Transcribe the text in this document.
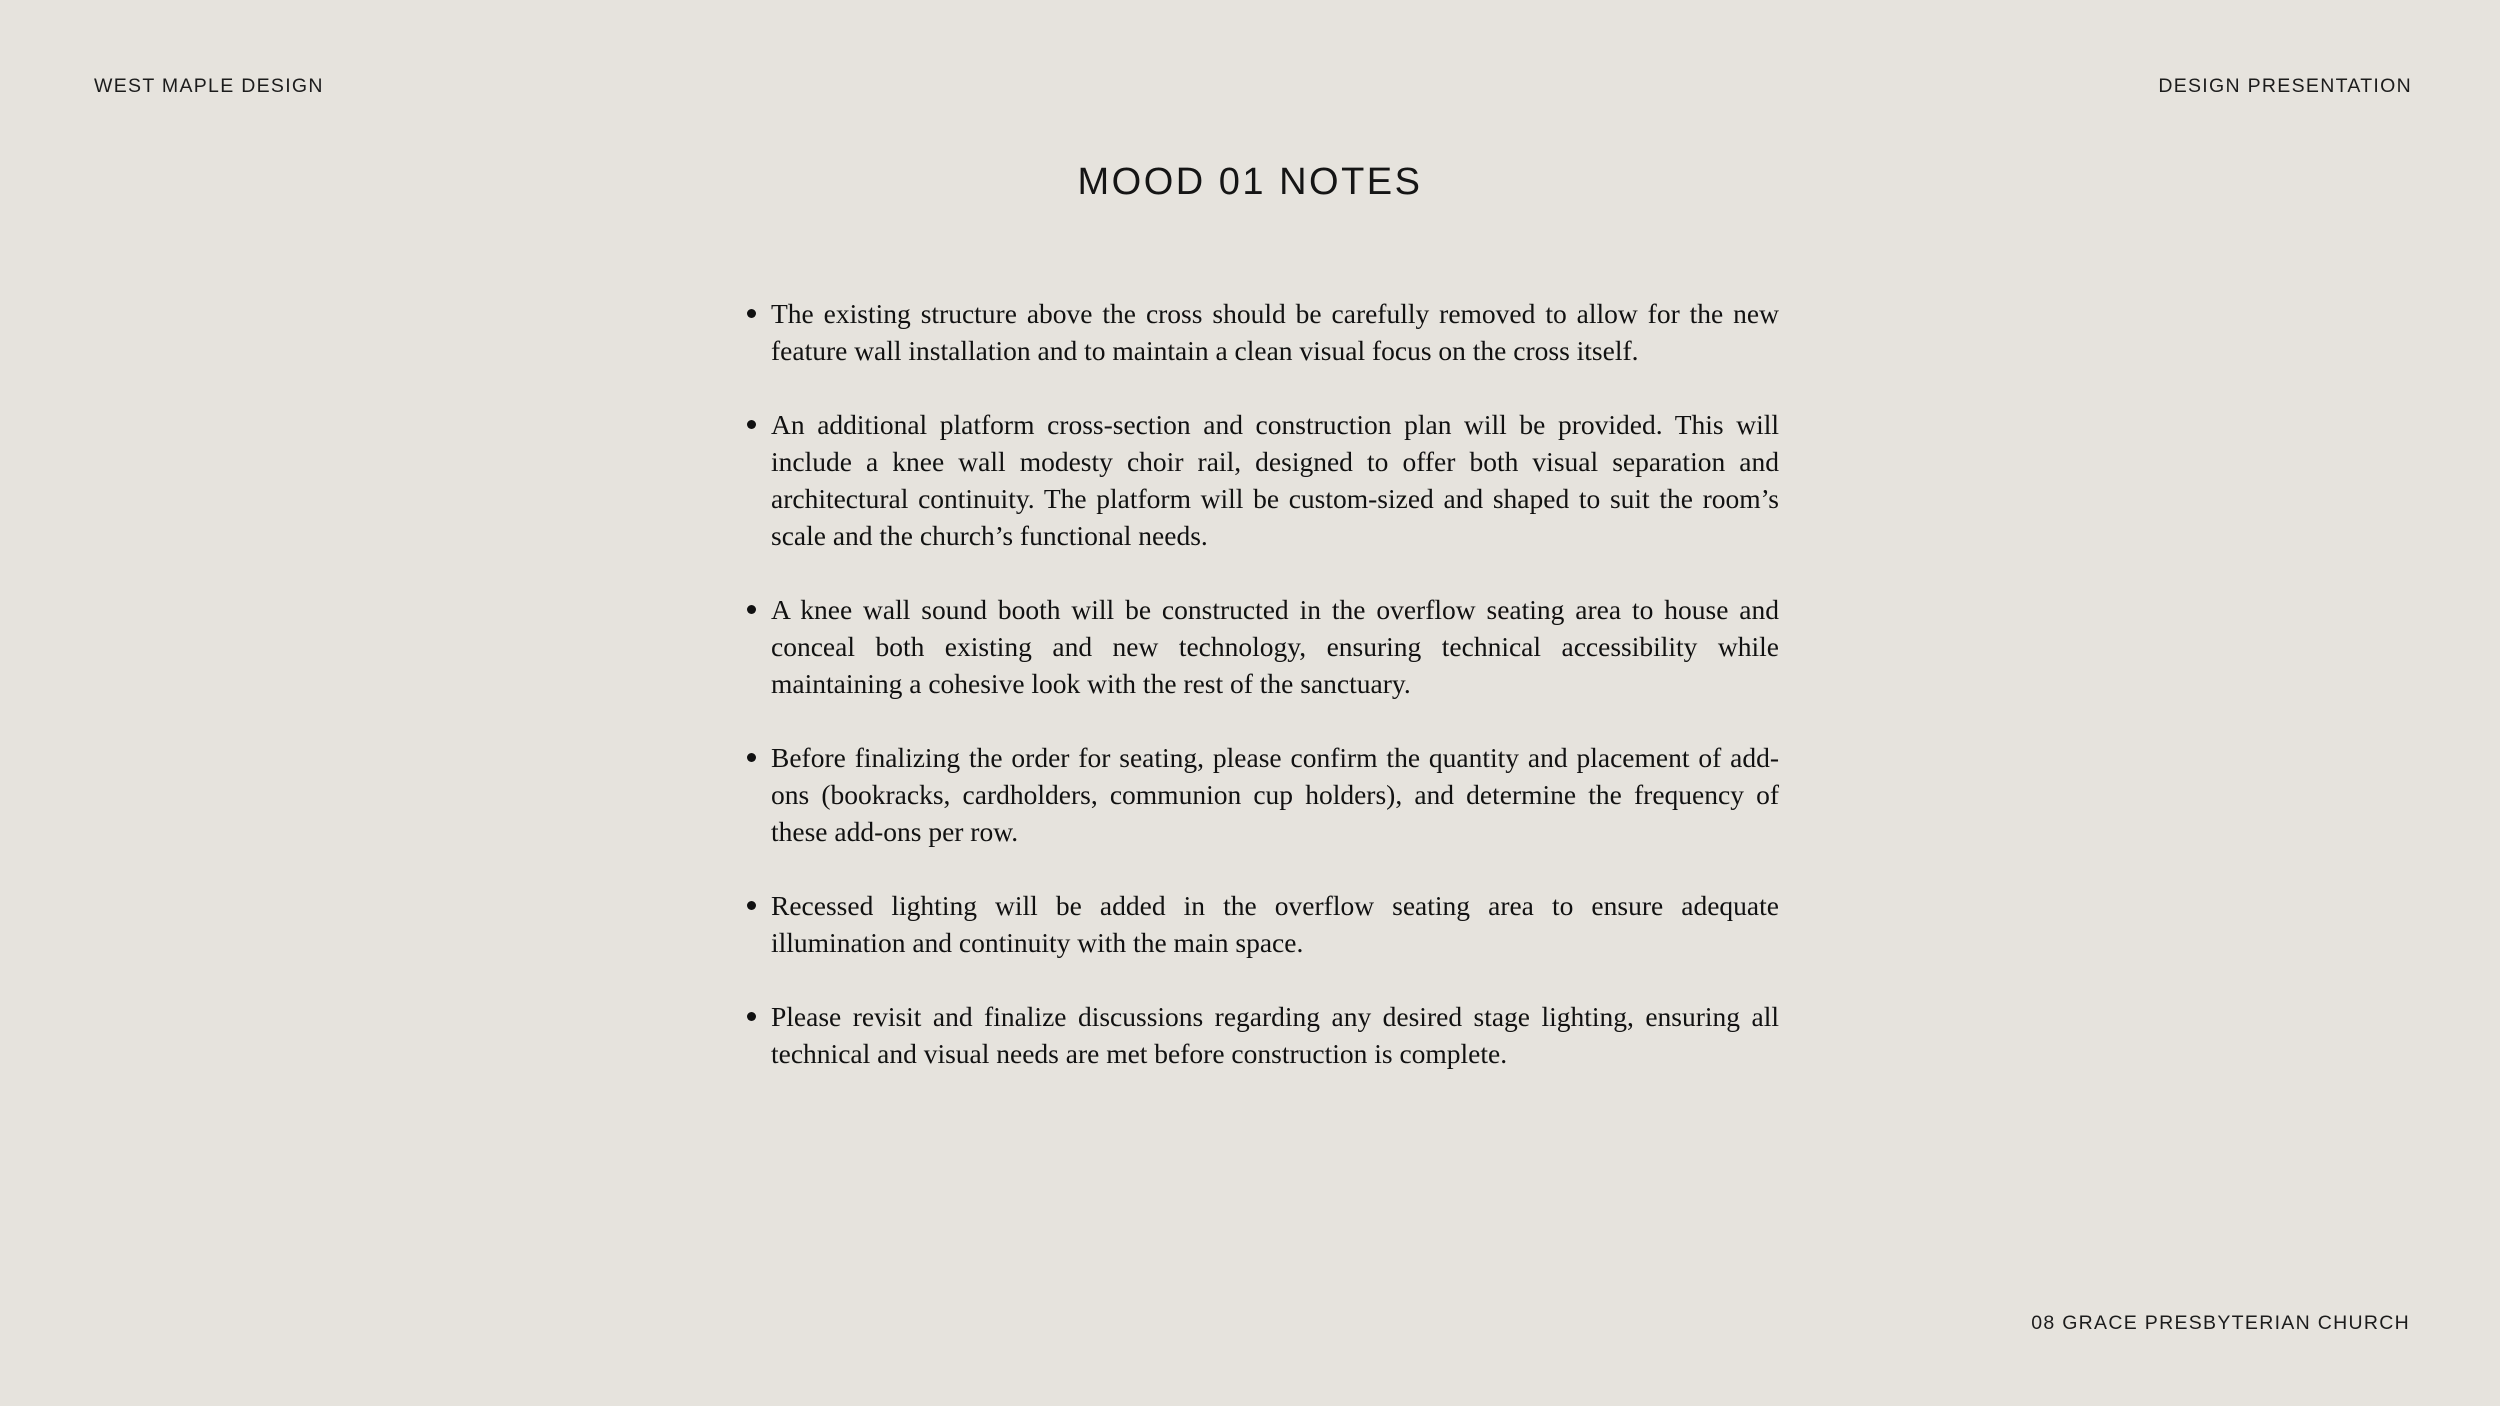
WEST MAPLE DESIGN	DESIGN PRESENTATION
MOOD 01 NOTES
The existing structure above the cross should be carefully removed to allow for the new feature wall installation and to maintain a clean visual focus on the cross itself.
An additional platform cross-section and construction plan will be provided. This will include a knee wall modesty choir rail, designed to offer both visual separation and architectural continuity. The platform will be custom-sized and shaped to suit the room’s scale and the church’s functional needs.
A knee wall sound booth will be constructed in the overflow seating area to house and conceal both existing and new technology, ensuring technical accessibility while maintaining a cohesive look with the rest of the sanctuary.
Before finalizing the order for seating, please confirm the quantity and placement of add-ons (bookracks, cardholders, communion cup holders), and determine the frequency of these add-ons per row.
Recessed lighting will be added in the overflow seating area to ensure adequate illumination and continuity with the main space.
Please revisit and finalize discussions regarding any desired stage lighting, ensuring all technical and visual needs are met before construction is complete.
08 GRACE PRESBYTERIAN CHURCH
